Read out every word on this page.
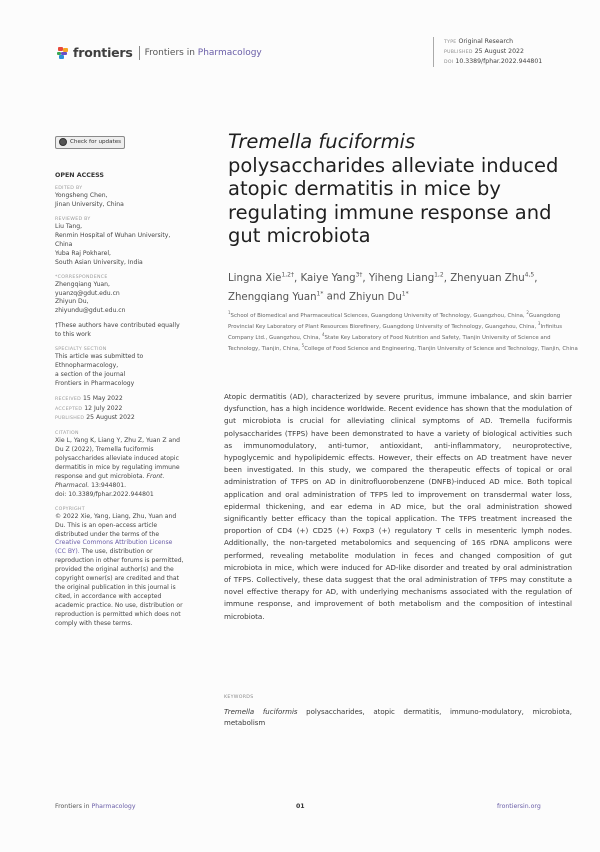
frontiers Frontiers in Pharmacology
TYPE Original Research
PUBLISHED 25 August 2022
DOI 10.3389/fphar.2022.944801
Check for updates
OPEN ACCESS
EDITED BY
Yongsheng Chen,
Jinan University, China
REVIEWED BY
Liu Tang,
Renmin Hospital of Wuhan University,
China
Yuba Raj Pokharel,
South Asian University, India
*CORRESPONDENCE
Zhengqiang Yuan,
yuanzq@gdut.edu.cn
Zhiyun Du,
zhiyundu@gdut.edu.cn
†These authors have contributed equally to this work
SPECIALTY SECTION
This article was submitted to
Ethnopharmacology,
a section of the journal
Frontiers in Pharmacology
RECEIVED 15 May 2022
ACCEPTED 12 July 2022
PUBLISHED 25 August 2022
CITATION
Xie L, Yang K, Liang Y, Zhu Z, Yuan Z and Du Z (2022), Tremella fuciformis polysaccharides alleviate induced atopic dermatitis in mice by regulating immune response and gut microbiota. Front. Pharmacol. 13:944801.
doi: 10.3389/fphar.2022.944801
COPYRIGHT
© 2022 Xie, Yang, Liang, Zhu, Yuan and Du. This is an open-access article distributed under the terms of the Creative Commons Attribution License (CC BY). The use, distribution or reproduction in other forums is permitted, provided the original author(s) and the copyright owner(s) are credited and that the original publication in this journal is cited, in accordance with accepted academic practice. No use, distribution or reproduction is permitted which does not comply with these terms.
Tremella fuciformis
polysaccharides alleviate induced atopic dermatitis in mice by regulating immune response and gut microbiota
Lingna Xie$^{1,2\dagger}$, Kaiye Yang$^{3\dagger}$, Yiheng Liang$^{1,2}$, Zhenyuan Zhu$^{4,5}$, Zhengqiang Yuan$^{1*}$ and Zhiyun $Du^{1*}$
$^1$School of Biomedical and Pharmaceutical Sciences, Guangdong University of Technology, Guangzhou, China, $^2$Guangdong Provincial Key Laboratory of Plant Resources Biorefinery, Guangdong University of Technology, Guangzhou, China, $^3$Infinitus Company Ltd., Guangzhou, China, $^4$State Key Laboratory of Food Nutrition and Safety, Tianjin University of Science and Technology, Tianjin, China, $^5$College of Food Science and Engineering, Tianjin University of Science and Technology, Tianjin, China
Atopic dermatitis (AD), characterized by severe pruritus, immune imbalance, and skin barrier dysfunction, has a high incidence worldwide. Recent evidence has shown that the modulation of gut microbiota is crucial for alleviating clinical symptoms of AD. Tremella fuciformis polysaccharides (TFPS) have been demonstrated to have a variety of biological activities such as immunomodulatory, anti-tumor, antioxidant, anti-inflammatory, neuroprotective, hypoglycemic and hypolipidemic effects. However, their effects on AD treatment have never been investigated. In this study, we compared the therapeutic effects of topical or oral administration of TFPS on AD in dinitrofluorobenzene (DNFB)-induced AD mice. Both topical application and oral administration of TFPS led to improvement on transdermal water loss, epidermal thickening, and ear edema in AD mice, but the oral administration showed significantly better efficacy than the topical application. The TFPS treatment increased the proportion of CD4 (+) CD25 (+) Foxp3 (+) regulatory T cells in mesenteric lymph nodes. Additionally, the non-targeted metabolomics and sequencing of 16S rDNA amplicons were performed, revealing metabolite modulation in feces and changed composition of gut microbiota in mice, which were induced for AD-like disorder and treated by oral administration of TFPS. Collectively, these data suggest that the oral administration of TFPS may constitute a novel effective therapy for AD, with underlying mechanisms associated with the regulation of immune response, and improvement of both metabolism and the composition of intestinal microbiota.
KEYWORDS
Tremella fuciformis polysaccharides, atopic dermatitis, immuno-modulatory, microbiota, metabolism
Frontiers in Pharmacology	01	frontiersin.org
